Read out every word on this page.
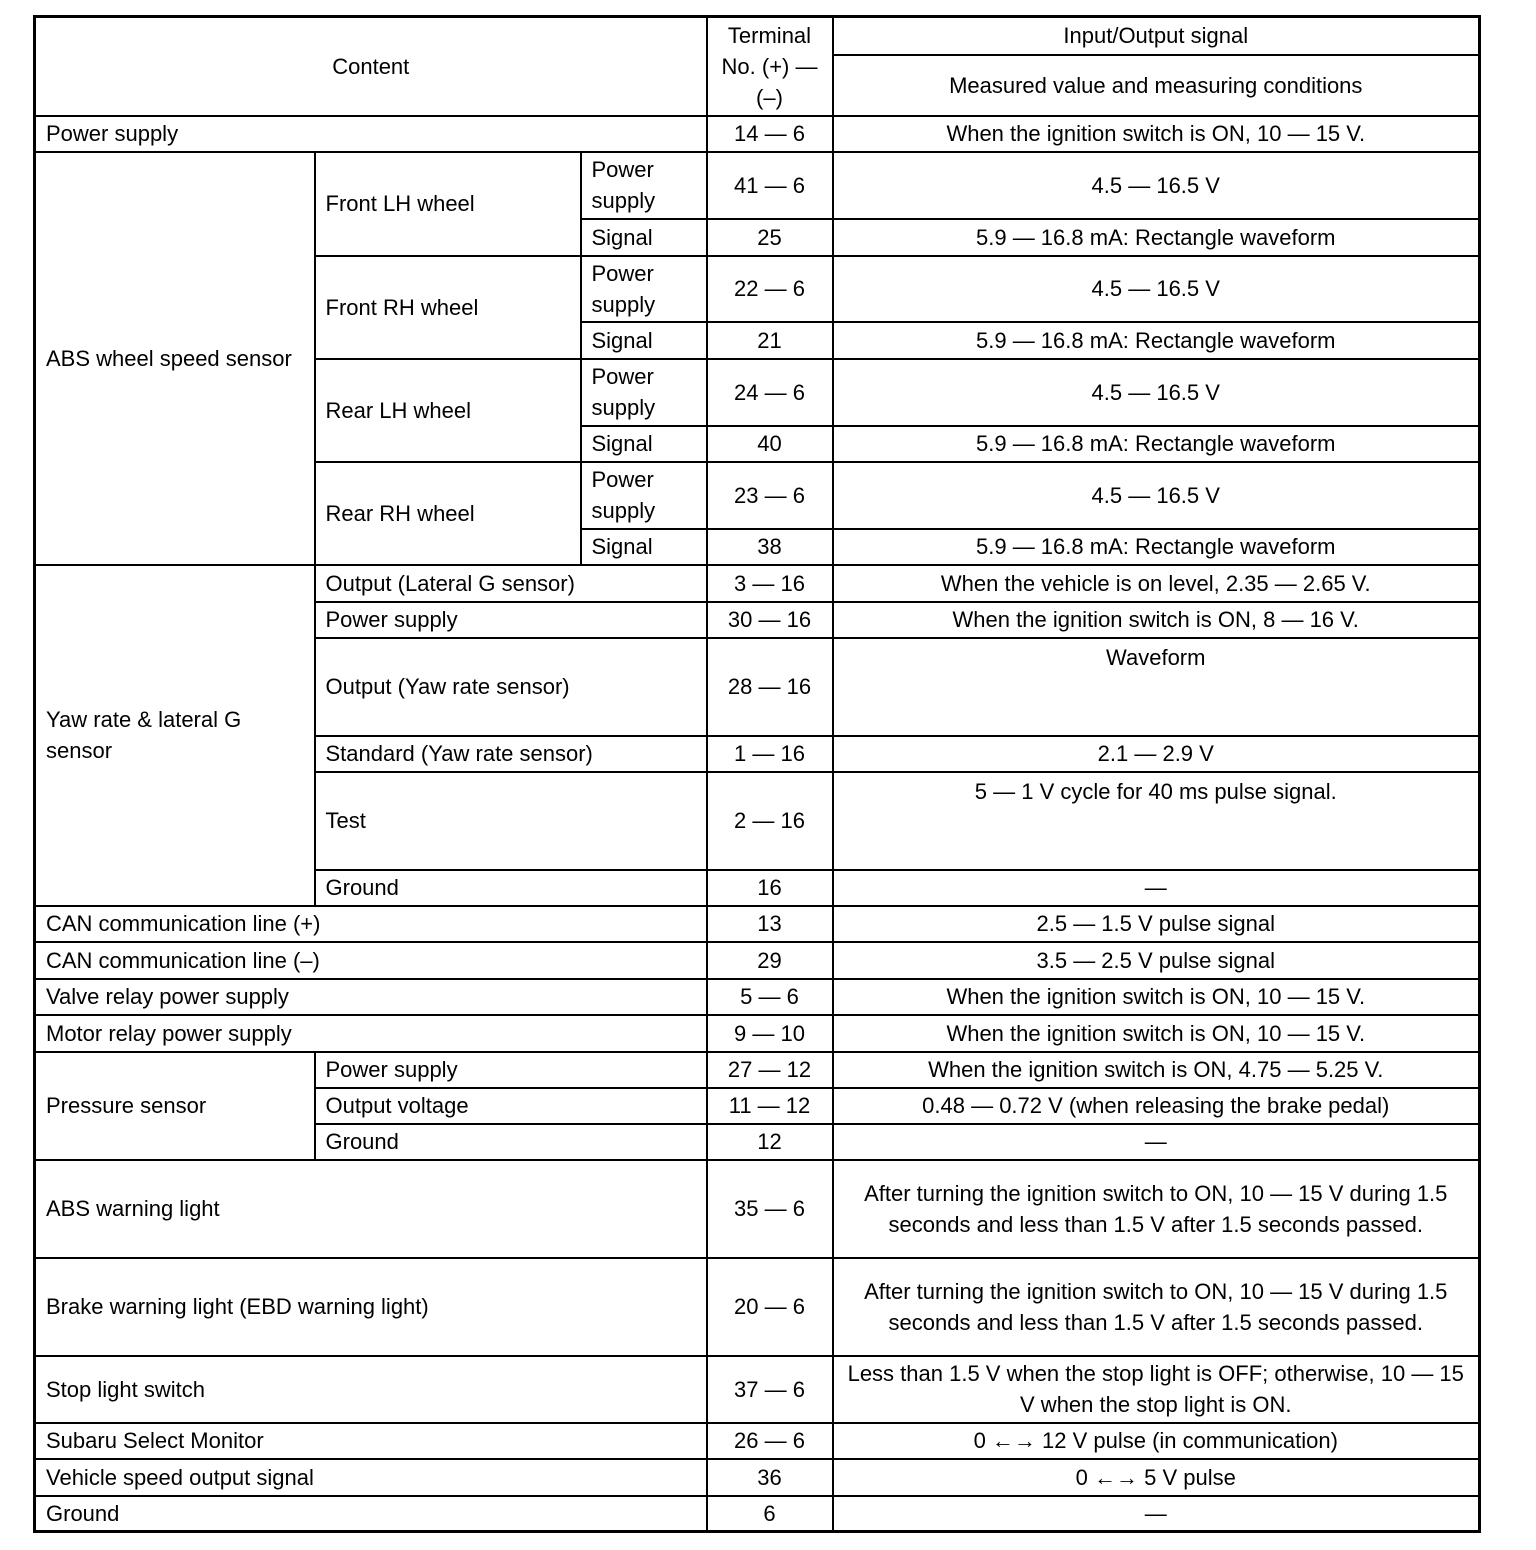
Content			Terminal No. (+) — (–)	Input/Output signal
				Measured value and measuring conditions
Power supply			14 — 6	When the ignition switch is ON, 10 — 15 V.
ABS wheel speed sensor	Front LH wheel	Power supply	41 — 6	4.5 — 16.5 V
		Signal	25	5.9 — 16.8 mA: Rectangle waveform
	Front RH wheel	Power supply	22 — 6	4.5 — 16.5 V
		Signal	21	5.9 — 16.8 mA: Rectangle waveform
	Rear LH wheel	Power supply	24 — 6	4.5 — 16.5 V
		Signal	40	5.9 — 16.8 mA: Rectangle waveform
	Rear RH wheel	Power supply	23 — 6	4.5 — 16.5 V
		Signal	38	5.9 — 16.8 mA: Rectangle waveform
Yaw rate & lateral G sensor	Output (Lateral G sensor)		3 — 16	When the vehicle is on level, 2.35 — 2.65 V.
	Power supply		30 — 16	When the ignition switch is ON, 8 — 16 V.
	Output (Yaw rate sensor)		28 — 16	Waveform
	Standard (Yaw rate sensor)		1 — 16	2.1 — 2.9 V
	Test		2 — 16	5 — 1 V cycle for 40 ms pulse signal.
	Ground		16	—
CAN communication line (+)			13	2.5 — 1.5 V pulse signal
CAN communication line (–)			29	3.5 — 2.5 V pulse signal
Valve relay power supply			5 — 6	When the ignition switch is ON, 10 — 15 V.
Motor relay power supply			9 — 10	When the ignition switch is ON, 10 — 15 V.
Pressure sensor	Power supply		27 — 12	When the ignition switch is ON, 4.75 — 5.25 V.
	Output voltage		11 — 12	0.48 — 0.72 V (when releasing the brake pedal)
	Ground		12	—
ABS warning light			35 — 6	After turning the ignition switch to ON, 10 — 15 V during 1.5 seconds and less than 1.5 V after 1.5 seconds passed.
Brake warning light (EBD warning light)			20 — 6	After turning the ignition switch to ON, 10 — 15 V during 1.5 seconds and less than 1.5 V after 1.5 seconds passed.
Stop light switch			37 — 6	Less than 1.5 V when the stop light is OFF; otherwise, 10 — 15 V when the stop light is ON.
Subaru Select Monitor			26 — 6	0 ←→ 12 V pulse (in communication)
Vehicle speed output signal			36	0 ←→ 5 V pulse
Ground			6	—
